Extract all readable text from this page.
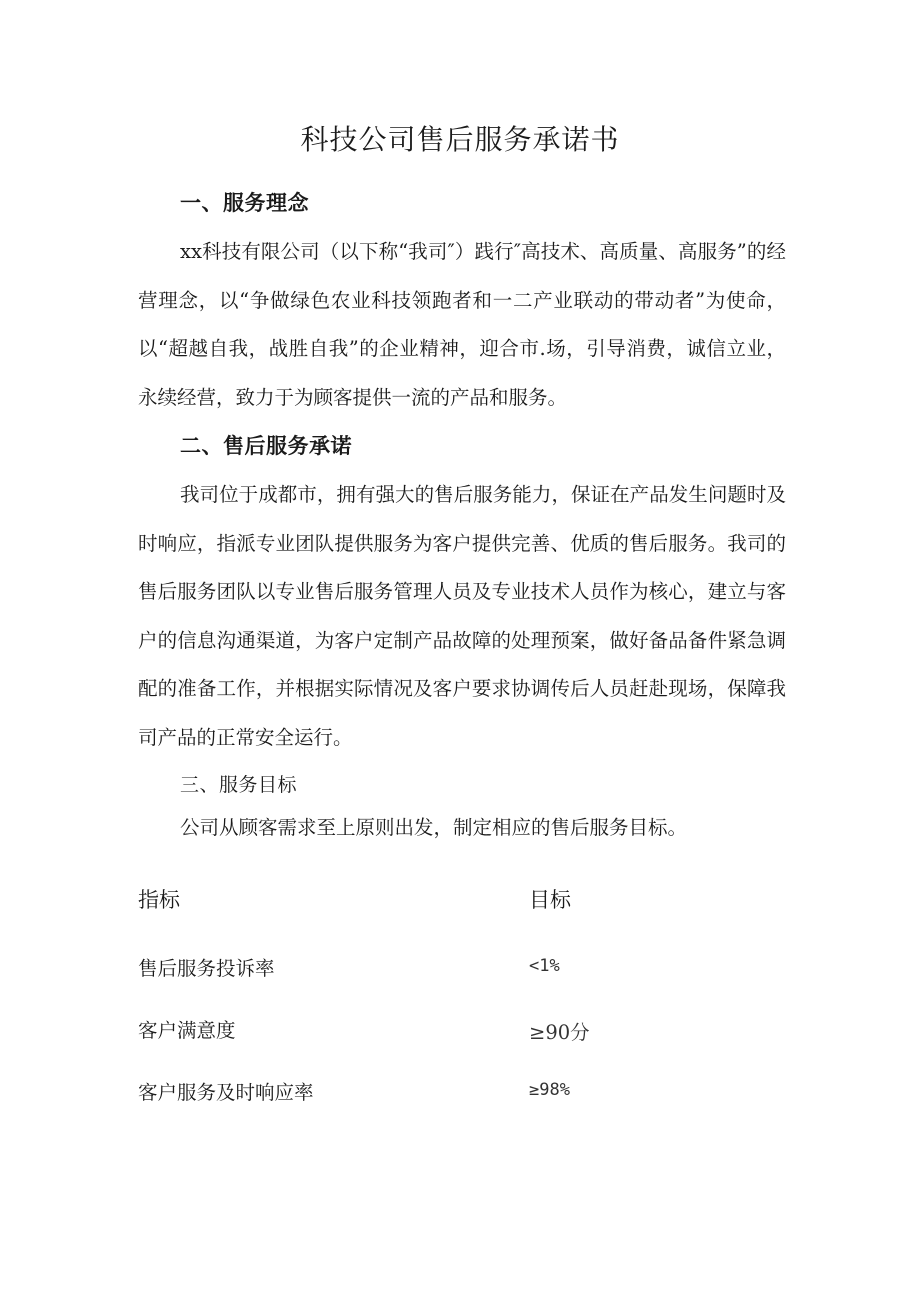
科技公司售后服务承诺书
一、服务理念

xx科技有限公司（以下称“我司″）践行″高技术、高质量、高服务”的经营理念，以“争做绿色农业科技领跑者和一二产业联动的带动者”为使命，以“超越自我，战胜自我”的企业精神，迎合市.场，引导消费，诚信立业，永续经营，致力于为顾客提供一流的产品和服务。

二、售后服务承诺

我司位于成都市，拥有强大的售后服务能力，保证在产品发生问题时及时响应，指派专业团队提供服务为客户提供完善、优质的售后服务。我司的售后服务团队以专业售后服务管理人员及专业技术人员作为核心，建立与客户的信息沟通渠道，为客户定制产品故障的处理预案，做好备品备件紧急调配的准备工作，并根据实际情况及客户要求协调传后人员赶赴现场，保障我司产品的正常安全运行。

三、服务目标

公司从顾客需求至上原则出发，制定相应的售后服务目标。

指标	目标
售后服务投诉率	<1%
客户满意度	≥90分
客户服务及时响应率	≥98%
